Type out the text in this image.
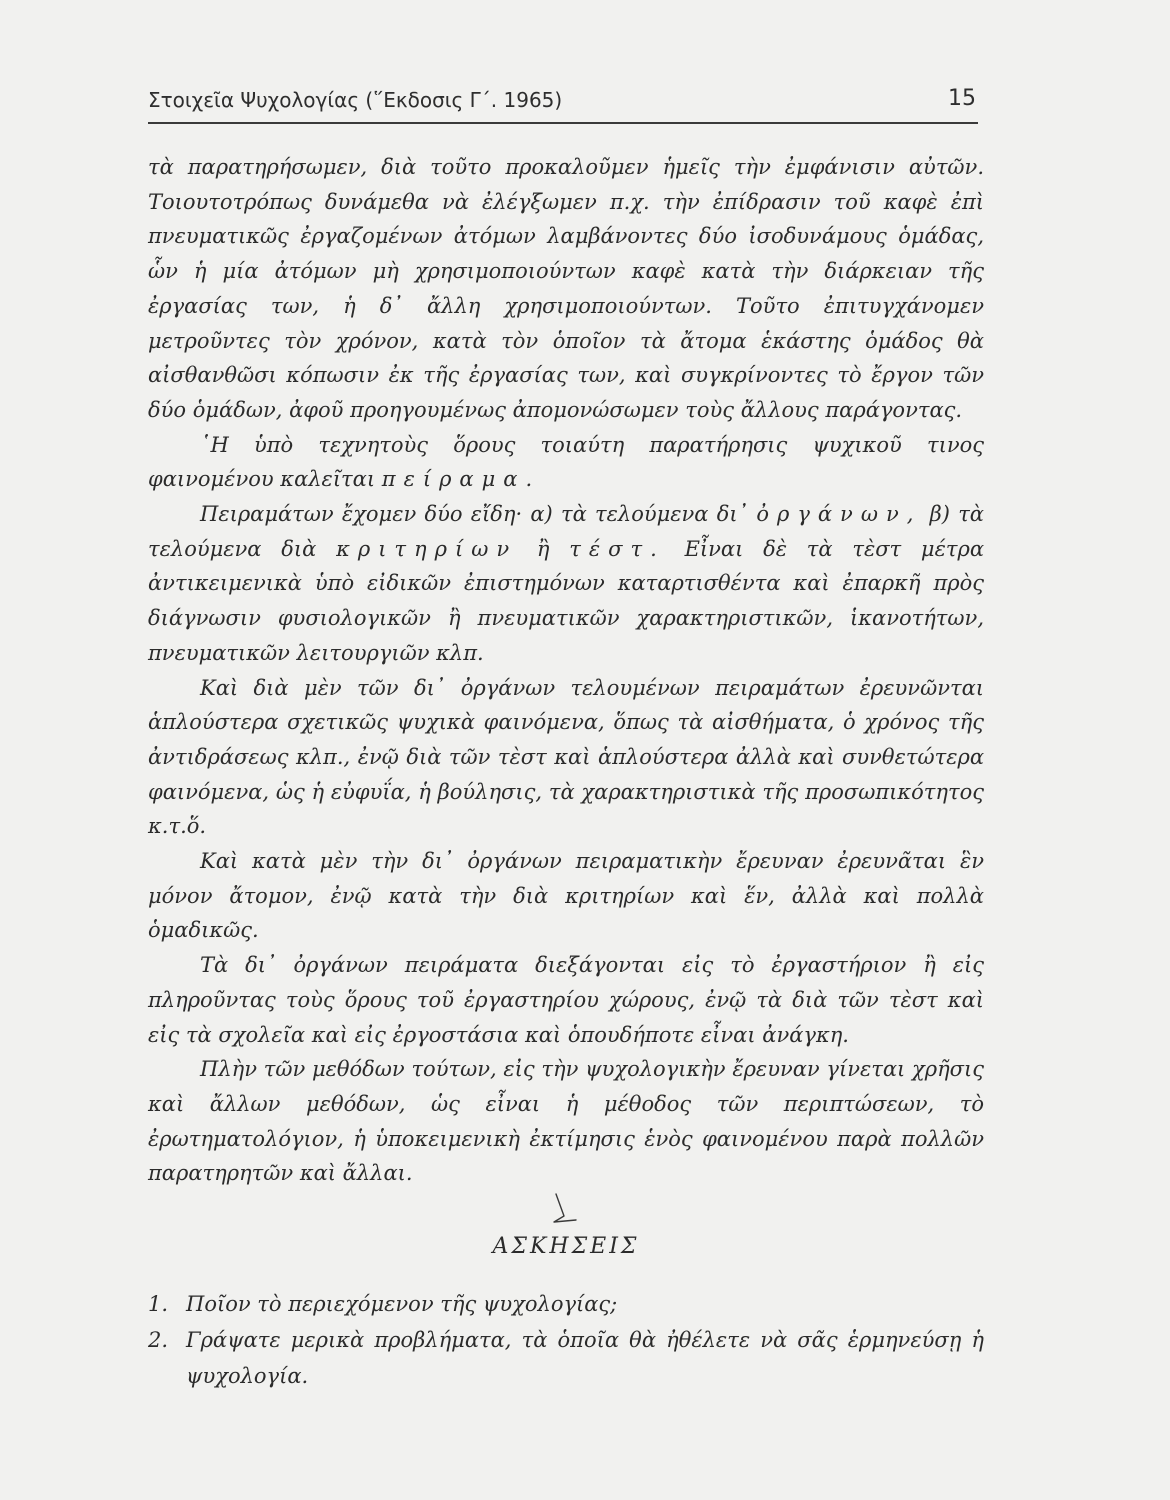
Στοιχεῖα Ψυχολογίας (῞Εκδοσις Γ΄. 1965)	15

τὰ παρατηρήσωμεν, διὰ τοῦτο προκαλοῦμεν ἡμεῖς τὴν ἐμφάνισιν αὐτῶν. Τοιουτοτρόπως δυνάμεθα νὰ ἐλέγξωμεν π.χ. τὴν ἐπίδρασιν τοῦ καφὲ ἐπὶ πνευματικῶς ἐργαζομένων ἀτόμων λαμβάνοντες δύο ἰσοδυνάμους ὁμάδας, ὧν ἡ μία ἀτόμων μὴ χρησιμοποιούντων καφὲ κατὰ τὴν διάρκειαν τῆς ἐργασίας των, ἡ δ᾽ ἄλλη χρησιμοποιούντων. Τοῦτο ἐπιτυγχάνομεν μετροῦντες τὸν χρόνον, κατὰ τὸν ὁποῖον τὰ ἄτομα ἑκάστης ὁμάδος θὰ αἰσθανθῶσι κόπωσιν ἐκ τῆς ἐργασίας των, καὶ συγκρίνοντες τὸ ἔργον τῶν δύο ὁμάδων, ἀφοῦ προηγουμένως ἀπομονώσωμεν τοὺς ἄλλους παράγοντας.

῾Η ὑπὸ τεχνητοὺς ὅρους τοιαύτη παρατήρησις ψυχικοῦ τινος φαινομένου καλεῖται πείραμα.

Πειραμάτων ἔχομεν δύο εἴδη· α) τὰ τελούμενα δι᾽ ὀργάνων, β) τὰ τελούμενα διὰ κριτηρίων ἢ τέστ. Εἶναι δὲ τὰ τὲστ μέτρα ἀντικειμενικὰ ὑπὸ εἰδικῶν ἐπιστημόνων καταρτισθέντα καὶ ἐπαρκῆ πρὸς διάγνωσιν φυσιολογικῶν ἢ πνευματικῶν χαρακτηριστικῶν, ἱκανοτήτων, πνευματικῶν λειτουργιῶν κλπ.

Καὶ διὰ μὲν τῶν δι᾽ ὀργάνων τελουμένων πειραμάτων ἐρευνῶνται ἁπλούστερα σχετικῶς ψυχικὰ φαινόμενα, ὅπως τὰ αἰσθήματα, ὁ χρόνος τῆς ἀντιδράσεως κλπ., ἐνῷ διὰ τῶν τὲστ καὶ ἁπλούστερα ἀλλὰ καὶ συνθετώτερα φαινόμενα, ὡς ἡ εὐφυΐα, ἡ βούλησις, τὰ χαρακτηριστικὰ τῆς προσωπικότητος κ.τ.ὅ.

Καὶ κατὰ μὲν τὴν δι᾽ ὀργάνων πειραματικὴν ἔρευναν ἐρευνᾶται ἓν μόνον ἄτομον, ἐνῷ κατὰ τὴν διὰ κριτηρίων καὶ ἕν, ἀλλὰ καὶ πολλὰ ὁμαδικῶς.

Τὰ δι᾽ ὀργάνων πειράματα διεξάγονται εἰς τὸ ἐργαστήριον ἢ εἰς πληροῦντας τοὺς ὅρους τοῦ ἐργαστηρίου χώρους, ἐνῷ τὰ διὰ τῶν τὲστ καὶ εἰς τὰ σχολεῖα καὶ εἰς ἐργοστάσια καὶ ὁπουδήποτε εἶναι ἀνάγκη.

Πλὴν τῶν μεθόδων τούτων, εἰς τὴν ψυχολογικὴν ἔρευναν γίνεται χρῆσις καὶ ἄλλων μεθόδων, ὡς εἶναι ἡ μέθοδος τῶν περιπτώσεων, τὸ ἐρωτηματολόγιον, ἡ ὑποκειμενικὴ ἐκτίμησις ἑνὸς φαινομένου παρὰ πολλῶν παρατηρητῶν καὶ ἄλλαι.

ΑΣΚΗΣΕΙΣ
1. Ποῖον τὸ περιεχόμενον τῆς ψυχολογίας;
2. Γράψατε μερικὰ προβλήματα, τὰ ὁποῖα θὰ ἠθέλετε νὰ σᾶς ἑρμηνεύσῃ ἡ ψυχολογία.
